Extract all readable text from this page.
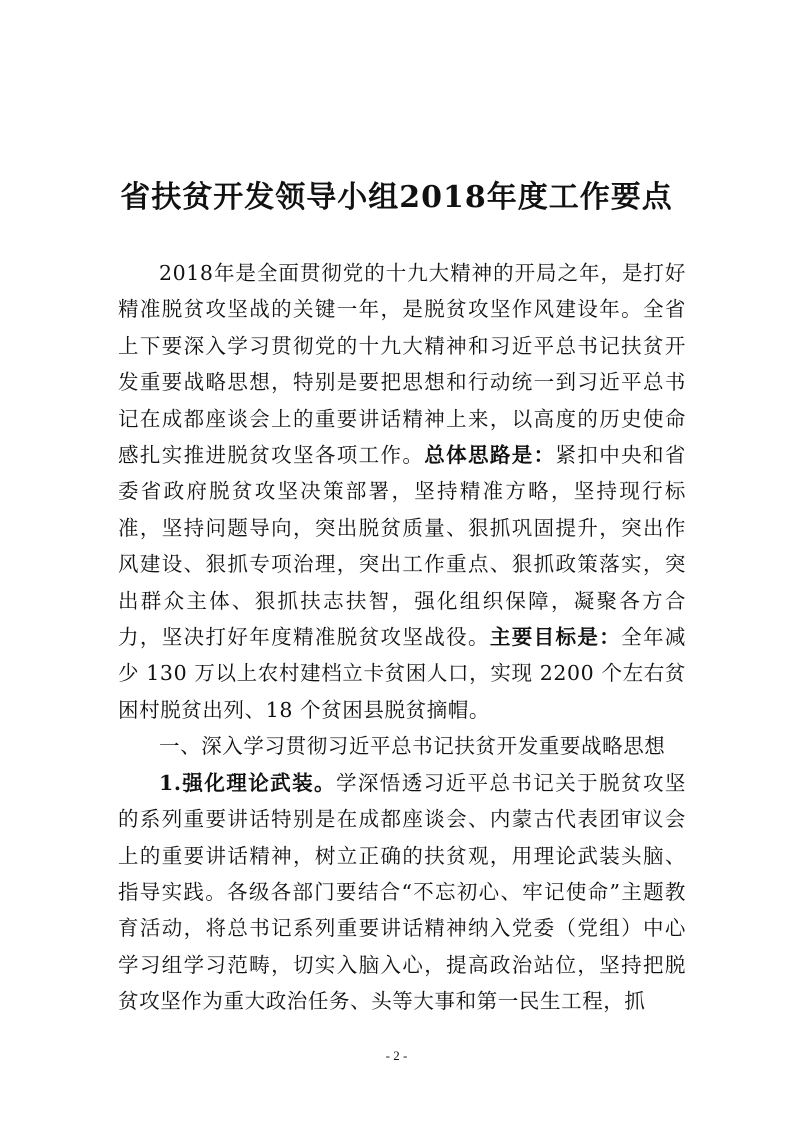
省扶贫开发领导小组2018年度工作要点

2018年是全面贯彻党的十九大精神的开局之年，是打好精准脱贫攻坚战的关键一年，是脱贫攻坚作风建设年。全省上下要深入学习贯彻党的十九大精神和习近平总书记扶贫开发重要战略思想，特别是要把思想和行动统一到习近平总书记在成都座谈会上的重要讲话精神上来，以高度的历史使命感扎实推进脱贫攻坚各项工作。总体思路是：紧扣中央和省委省政府脱贫攻坚决策部署，坚持精准方略，坚持现行标准，坚持问题导向，突出脱贫质量、狠抓巩固提升，突出作风建设、狠抓专项治理，突出工作重点、狠抓政策落实，突出群众主体、狠抓扶志扶智，强化组织保障，凝聚各方合力，坚决打好年度精准脱贫攻坚战役。主要目标是：全年减少 130 万以上农村建档立卡贫困人口，实现 2200 个左右贫困村脱贫出列、18 个贫困县脱贫摘帽。

一、深入学习贯彻习近平总书记扶贫开发重要战略思想

1.强化理论武装。学深悟透习近平总书记关于脱贫攻坚的系列重要讲话特别是在成都座谈会、内蒙古代表团审议会上的重要讲话精神，树立正确的扶贫观，用理论武装头脑、指导实践。各级各部门要结合“不忘初心、牢记使命”主题教育活动，将总书记系列重要讲话精神纳入党委（党组）中心学习组学习范畴，切实入脑入心，提高政治站位，坚持把脱贫攻坚作为重大政治任务、头等大事和第一民生工程，抓

- 2 -
